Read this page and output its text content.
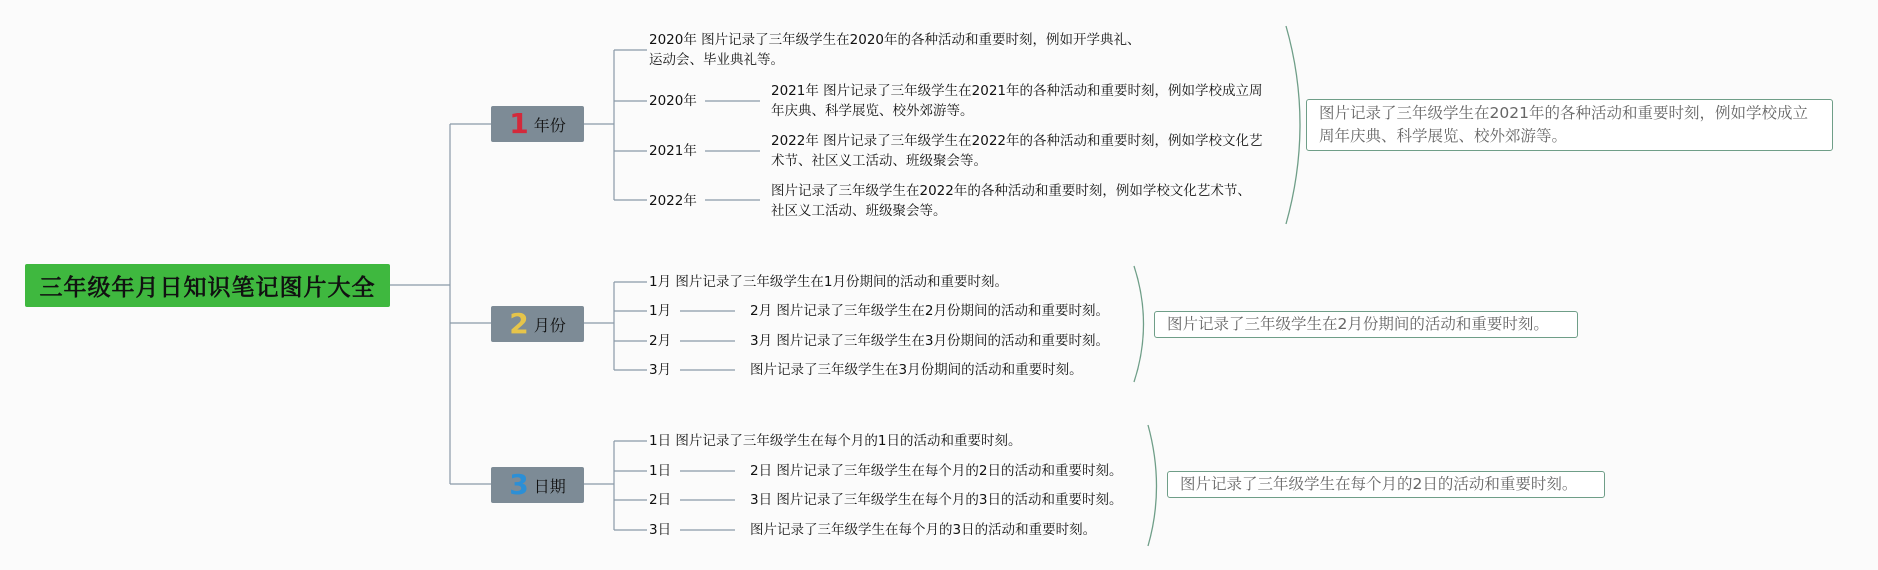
三年级年月日知识笔记图片大全
1 年份
2020年 图片记录了三年级学生在2020年的各种活动和重要时刻，例如开学典礼、
运动会、毕业典礼等。
2020年
2021年 图片记录了三年级学生在2021年的各种活动和重要时刻，例如学校成立周
年庆典、科学展览、校外郊游等。
2021年
2022年 图片记录了三年级学生在2022年的各种活动和重要时刻，例如学校文化艺
术节、社区义工活动、班级聚会等。
2022年
图片记录了三年级学生在2022年的各种活动和重要时刻，例如学校文化艺术节、
社区义工活动、班级聚会等。
图片记录了三年级学生在2021年的各种活动和重要时刻，例如学校成立
周年庆典、科学展览、校外郊游等。
2 月份
1月 图片记录了三年级学生在1月份期间的活动和重要时刻。
1月	2月 图片记录了三年级学生在2月份期间的活动和重要时刻。
2月	3月 图片记录了三年级学生在3月份期间的活动和重要时刻。
3月	图片记录了三年级学生在3月份期间的活动和重要时刻。
图片记录了三年级学生在2月份期间的活动和重要时刻。
3 日期
1日 图片记录了三年级学生在每个月的1日的活动和重要时刻。
1日	2日 图片记录了三年级学生在每个月的2日的活动和重要时刻。
2日	3日 图片记录了三年级学生在每个月的3日的活动和重要时刻。
3日	图片记录了三年级学生在每个月的3日的活动和重要时刻。
图片记录了三年级学生在每个月的2日的活动和重要时刻。
